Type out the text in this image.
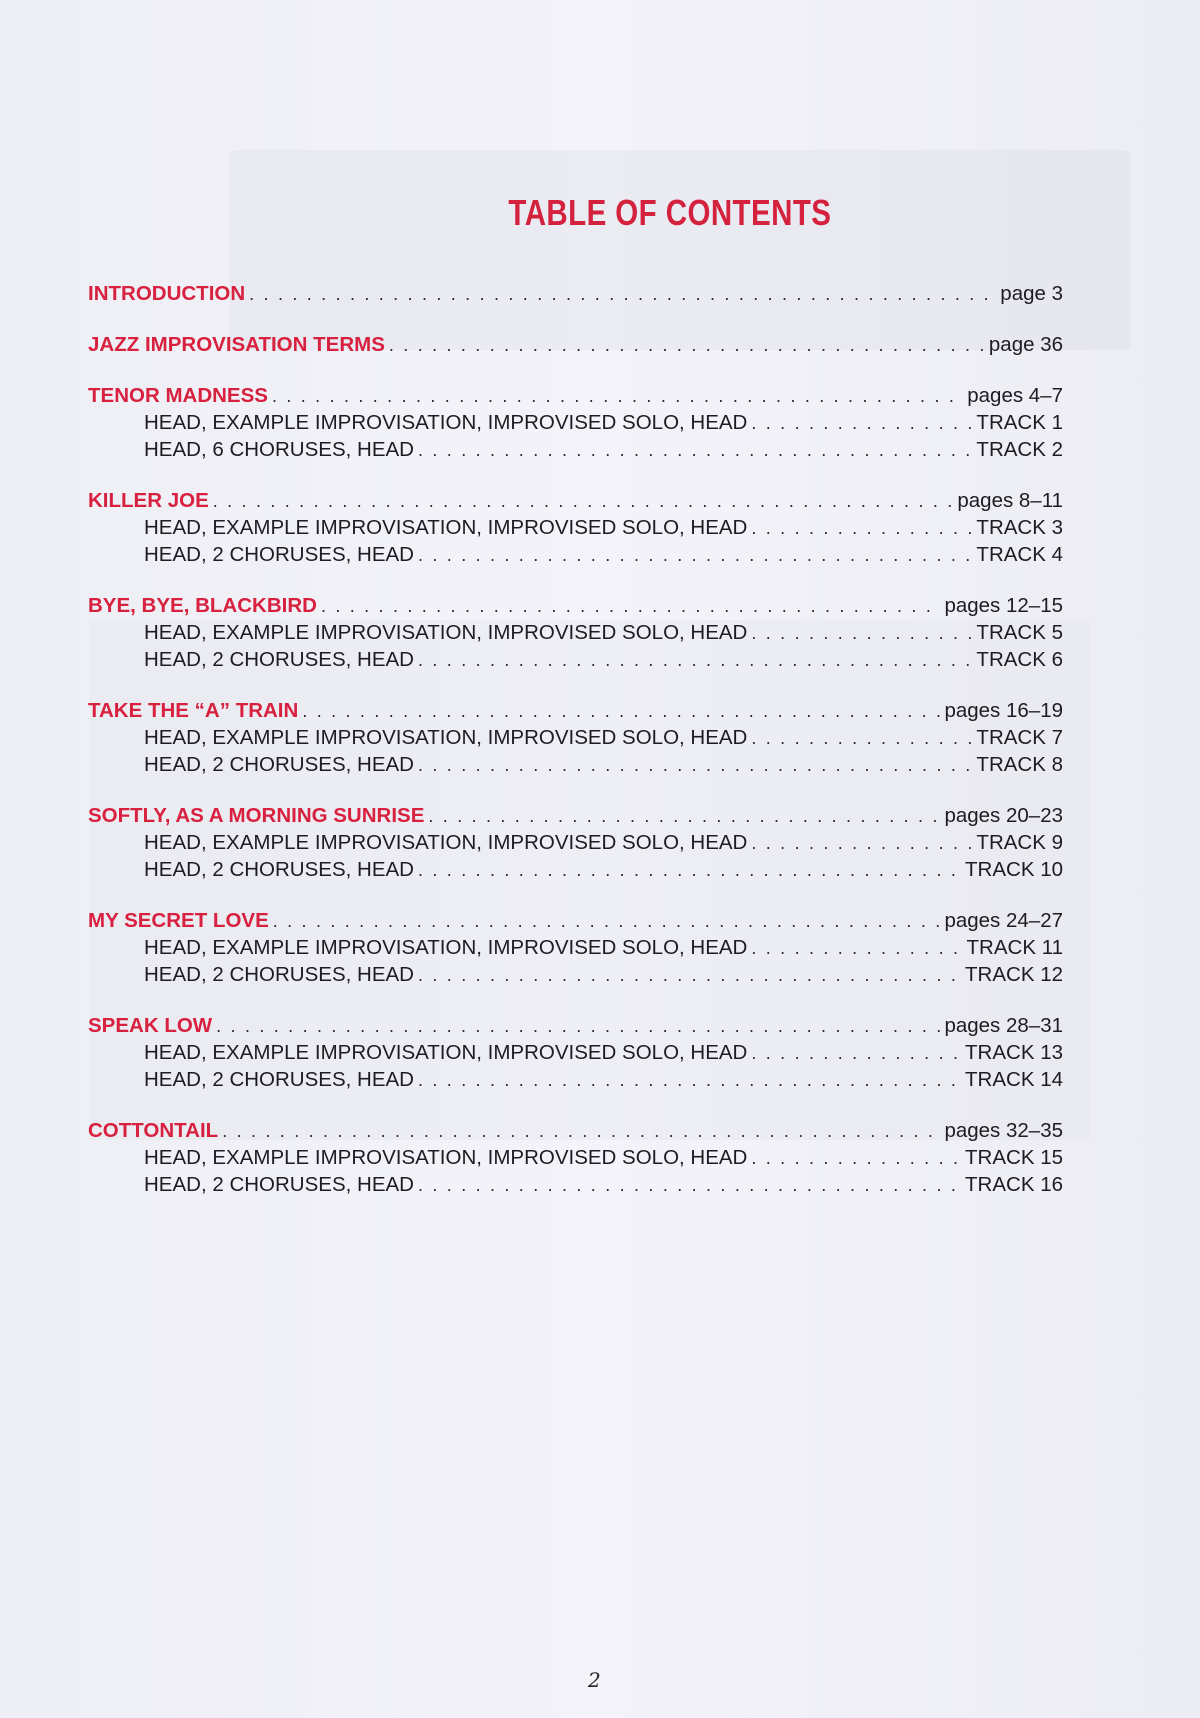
TABLE OF CONTENTS
INTRODUCTION . . .	page 3
JAZZ IMPROVISATION TERMS . . .	page 36
TENOR MADNESS . . .	pages 4–7
HEAD, EXAMPLE IMPROVISATION, IMPROVISED SOLO, HEAD . . .	TRACK 1
HEAD, 6 CHORUSES, HEAD . . .	TRACK 2
KILLER JOE . . .	pages 8–11
HEAD, EXAMPLE IMPROVISATION, IMPROVISED SOLO, HEAD . . .	TRACK 3
HEAD, 2 CHORUSES, HEAD . . .	TRACK 4
BYE, BYE, BLACKBIRD . . .	pages 12–15
HEAD, EXAMPLE IMPROVISATION, IMPROVISED SOLO, HEAD . . .	TRACK 5
HEAD, 2 CHORUSES, HEAD . . .	TRACK 6
TAKE THE “A” TRAIN . . .	pages 16–19
HEAD, EXAMPLE IMPROVISATION, IMPROVISED SOLO, HEAD . . .	TRACK 7
HEAD, 2 CHORUSES, HEAD . . .	TRACK 8
SOFTLY, AS A MORNING SUNRISE . . .	pages 20–23
HEAD, EXAMPLE IMPROVISATION, IMPROVISED SOLO, HEAD . . .	TRACK 9
HEAD, 2 CHORUSES, HEAD . . .	TRACK 10
MY SECRET LOVE . . .	pages 24–27
HEAD, EXAMPLE IMPROVISATION, IMPROVISED SOLO, HEAD . . .	TRACK 11
HEAD, 2 CHORUSES, HEAD . . .	TRACK 12
SPEAK LOW . . .	pages 28–31
HEAD, EXAMPLE IMPROVISATION, IMPROVISED SOLO, HEAD . . .	TRACK 13
HEAD, 2 CHORUSES, HEAD . . .	TRACK 14
COTTONTAIL . . .	pages 32–35
HEAD, EXAMPLE IMPROVISATION, IMPROVISED SOLO, HEAD . . .	TRACK 15
HEAD, 2 CHORUSES, HEAD . . .	TRACK 16
2
